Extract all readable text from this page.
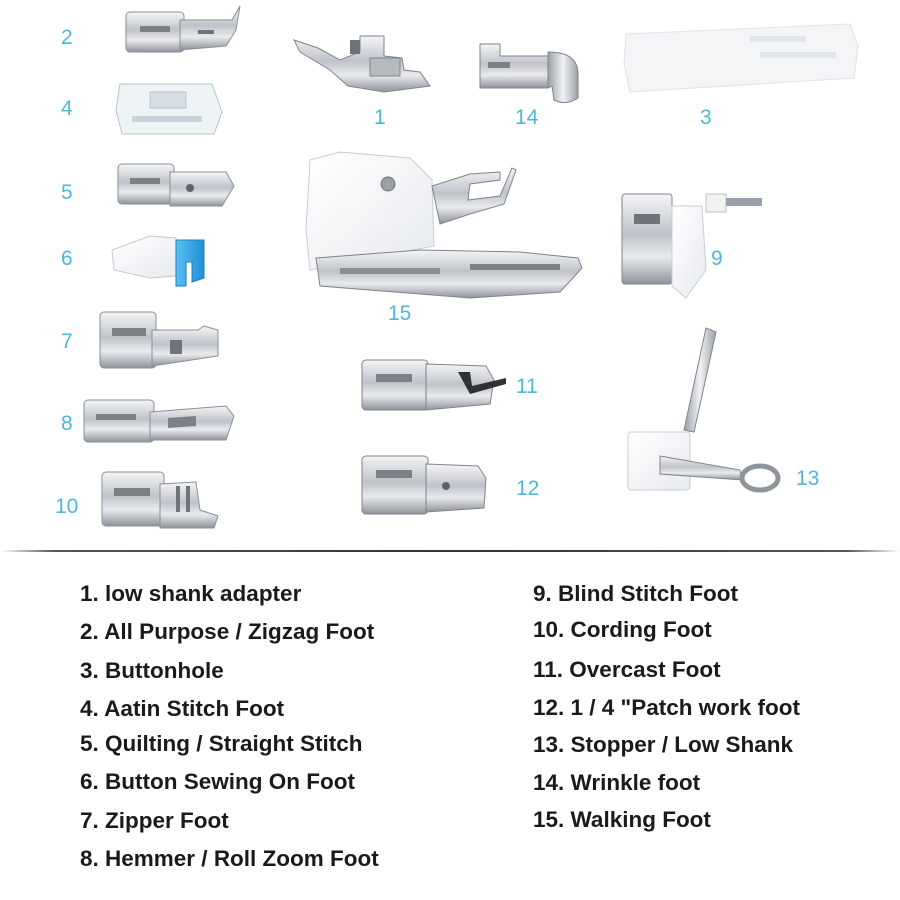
2
4
5
6
7
8
10
1	14	3
15
9
11
12	13
1. low shank adapter
2. All Purpose / Zigzag Foot
3. Buttonhole
4. Aatin Stitch Foot
5. Quilting / Straight Stitch
6. Button Sewing On Foot
7. Zipper Foot
8. Hemmer / Roll Zoom Foot
9. Blind Stitch Foot
10. Cording Foot
11. Overcast Foot
12. 1 / 4 "Patch work foot
13. Stopper / Low Shank
14. Wrinkle foot
15. Walking Foot
